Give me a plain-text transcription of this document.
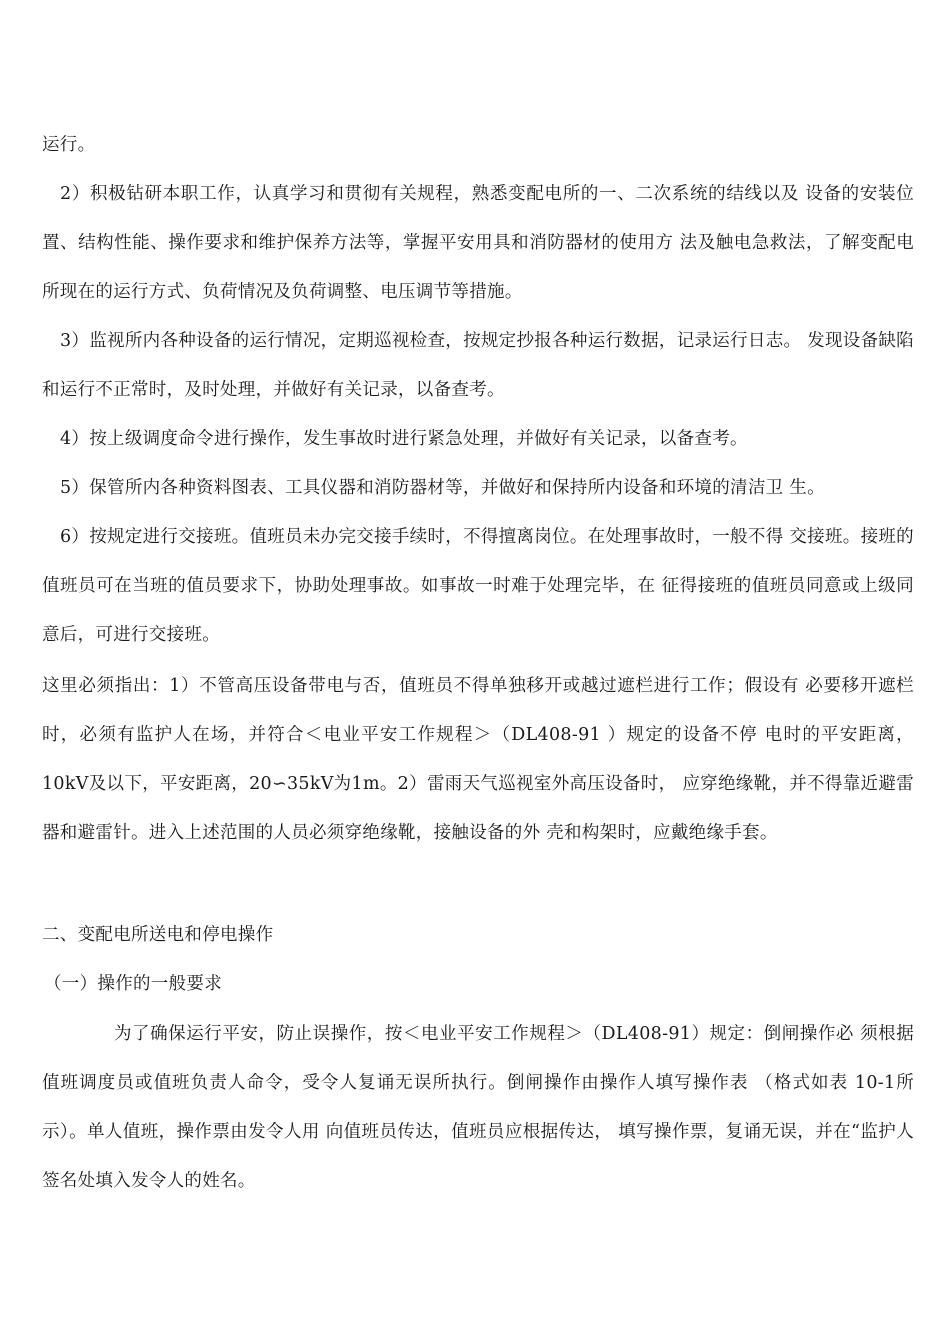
运行。

2）积极钻研本职工作，认真学习和贯彻有关规程，熟悉变配电所的一、二次系统的结线以及 设备的安装位置、结构性能、操作要求和维护保养方法等，掌握平安用具和消防器材的使用方 法及触电急救法，了解变配电所现在的运行方式、负荷情况及负荷调整、电压调节等措施。

3）监视所内各种设备的运行情况，定期巡视检查，按规定抄报各种运行数据，记录运行日志。 发现设备缺陷和运行不正常时，及时处理，并做好有关记录，以备查考。

4）按上级调度命令进行操作，发生事故时进行紧急处理，并做好有关记录，以备查考。

5）保管所内各种资料图表、工具仪器和消防器材等，并做好和保持所内设备和环境的清洁卫 生。

6）按规定进行交接班。值班员未办完交接手续时，不得擅离岗位。在处理事故时，一般不得 交接班。接班的值班员可在当班的值员要求下，协助处理事故。如事故一时难于处理完毕，在 征得接班的值班员同意或上级同意后，可进行交接班。

这里必须指出：1）不管高压设备带电与否，值班员不得单独移开或越过遮栏进行工作；假设有 必要移开遮栏时，必须有监护人在场，并符合＜电业平安工作规程＞（DL408-91 ）规定的设备不停 电时的平安距离，10kV及以下，平安距离，20∽35kV为1m。2）雷雨天气巡视室外高压设备时， 应穿绝缘靴，并不得靠近避雷器和避雷针。进入上述范围的人员必须穿绝缘靴，接触设备的外 壳和构架时，应戴绝缘手套。

二、变配电所送电和停电操作

（一）操作的一般要求

为了确保运行平安，防止误操作，按＜电业平安工作规程＞（DL408-91）规定：倒闸操作必 须根据值班调度员或值班负责人命令，受令人复诵无误所执行。倒闸操作由操作人填写操作表 （格式如表 10-1所示）。单人值班，操作票由发令人用 向值班员传达，值班员应根据传达， 填写操作票，复诵无误，并在“监护人签名处填入发令人的姓名。
